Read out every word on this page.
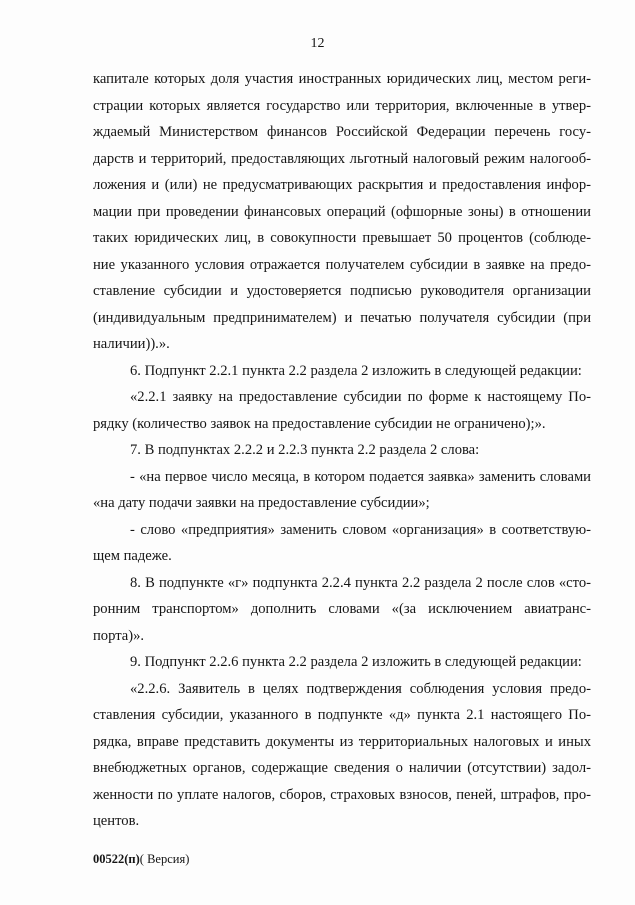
12
капитале которых доля участия иностранных юридических лиц, местом реги-
страции которых является государство или территория, включенные в утвер-
ждаемый Министерством финансов Российской Федерации перечень госу-
дарств и территорий, предоставляющих льготный налоговый режим налогооб-
ложения и (или) не предусматривающих раскрытия и предоставления инфор-
мации при проведении финансовых операций (офшорные зоны) в отношении
таких юридических лиц, в совокупности превышает 50 процентов (соблюде-
ние указанного условия отражается получателем субсидии в заявке на предо-
ставление субсидии и удостоверяется подписью руководителя организации
(индивидуальным предпринимателем) и печатью получателя субсидии (при
наличии)).».
6. Подпункт 2.2.1 пункта 2.2 раздела 2 изложить в следующей редакции:
«2.2.1 заявку на предоставление субсидии по форме к настоящему По-
рядку (количество заявок на предоставление субсидии не ограничено);».
7. В подпунктах 2.2.2 и 2.2.3 пункта 2.2 раздела 2 слова:
- «на первое число месяца, в котором подается заявка» заменить словами
«на дату подачи заявки на предоставление субсидии»;
- слово «предприятия» заменить словом «организация» в соответствую-
щем падеже.
8. В подпункте «г» подпункта 2.2.4 пункта 2.2 раздела 2 после слов «сто-
ронним транспортом» дополнить словами «(за исключением авиатранс-
порта)».
9. Подпункт 2.2.6 пункта 2.2 раздела 2 изложить в следующей редакции:
«2.2.6. Заявитель в целях подтверждения соблюдения условия предо-
ставления субсидии, указанного в подпункте «д» пункта 2.1 настоящего По-
рядка, вправе представить документы из территориальных налоговых и иных
внебюджетных органов, содержащие сведения о наличии (отсутствии) задол-
женности по уплате налогов, сборов, страховых взносов, пеней, штрафов, про-
центов.
00522(п)( Версия)
